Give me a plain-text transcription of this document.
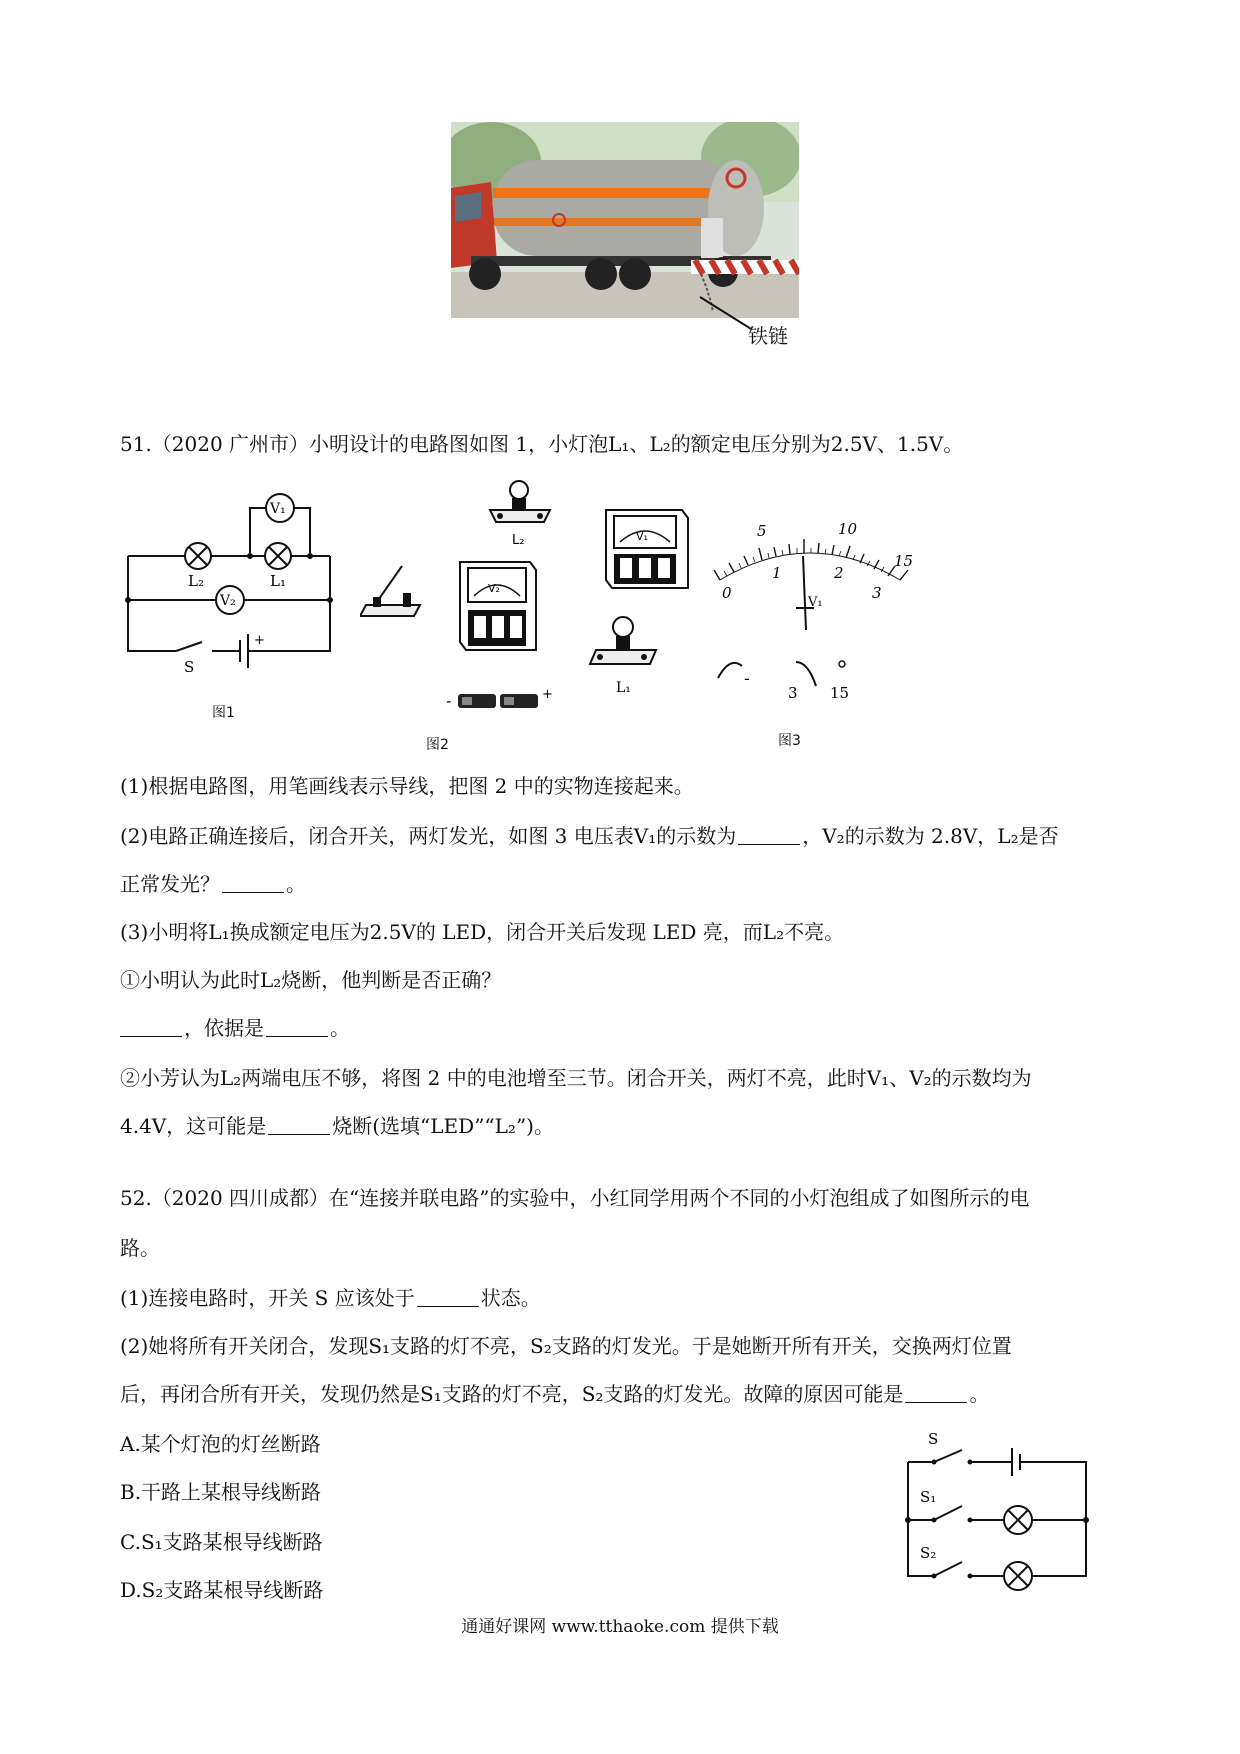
铁链
51.（2020 广州市）小明设计的电路图如图 1，小灯泡L₁、L₂的额定电压分别为2.5V、1.5V。
V₁
V₂
L₂	L₁
S
+
图1
L₂
V₂
-	+
V₁
L₁
图2
5	10
15
0
1	2
3
V₁
-
3 15
图3
(1)根据电路图，用笔画线表示导线，把图 2 中的实物连接起来。
(2)电路正确连接后，闭合开关，两灯发光，如图 3 电压表V₁的示数为	，V₂的示数为 2.8V，L₂是否
正常发光？	。
(3)小明将L₁换成额定电压为2.5V的 LED，闭合开关后发现 LED 亮，而L₂不亮。
①小明认为此时L₂烧断，他判断是否正确？
，依据是	。
②小芳认为L₂两端电压不够，将图 2 中的电池增至三节。闭合开关，两灯不亮，此时V₁、V₂的示数均为
4.4V，这可能是	烧断(选填“LED”“L₂”)。
52.（2020 四川成都）在“连接并联电路”的实验中，小红同学用两个不同的小灯泡组成了如图所示的电
路。
(1)连接电路时，开关 S 应该处于	状态。
(2)她将所有开关闭合，发现S₁支路的灯不亮，S₂支路的灯发光。于是她断开所有开关，交换两灯位置
后，再闭合所有开关，发现仍然是S₁支路的灯不亮，S₂支路的灯发光。故障的原因可能是	。
A.某个灯泡的灯丝断路
B.干路上某根导线断路
C.S₁支路某根导线断路
D.S₂支路某根导线断路
S
S₁
S₂
通通好课网 www.tthaoke.com 提供下载
